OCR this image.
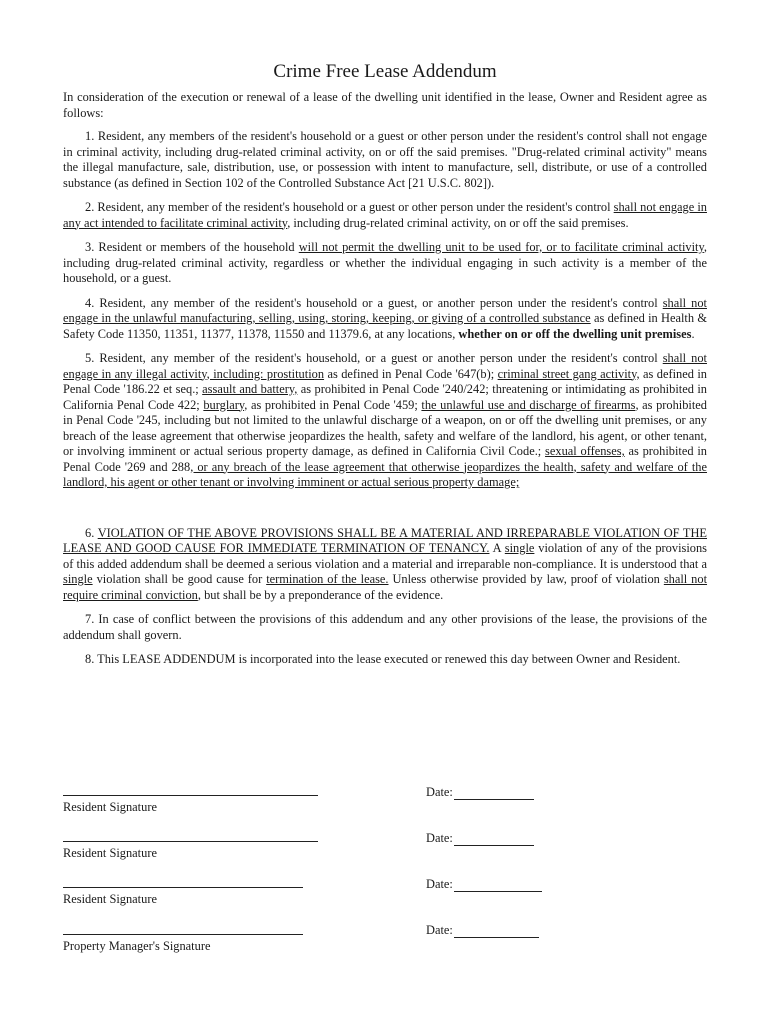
Crime Free Lease Addendum

In consideration of the execution or renewal of a lease of the dwelling unit identified in the lease, Owner and Resident agree as follows:

1. Resident, any members of the resident's household or a guest or other person under the resident's control shall not engage in criminal activity, including drug-related criminal activity, on or off the said premises. "Drug-related criminal activity" means the illegal manufacture, sale, distribution, use, or possession with intent to manufacture, sell, distribute, or use of a controlled substance (as defined in Section 102 of the Controlled Substance Act [21 U.S.C. 802]).

2. Resident, any member of the resident's household or a guest or other person under the resident's control shall not engage in any act intended to facilitate criminal activity, including drug-related criminal activity, on or off the said premises.

3. Resident or members of the household will not permit the dwelling unit to be used for, or to facilitate criminal activity, including drug-related criminal activity, regardless or whether the individual engaging in such activity is a member of the household, or a guest.

4. Resident, any member of the resident's household or a guest, or another person under the resident's control shall not engage in the unlawful manufacturing, selling, using, storing, keeping, or giving of a controlled substance as defined in Health & Safety Code 11350, 11351, 11377, 11378, 11550 and 11379.6, at any locations, whether on or off the dwelling unit premises.

5. Resident, any member of the resident's household, or a guest or another person under the resident's control shall not engage in any illegal activity, including: prostitution as defined in Penal Code '647(b); criminal street gang activity, as defined in Penal Code '186.22 et seq.; assault and battery, as prohibited in Penal Code '240/242; threatening or intimidating as prohibited in California Penal Code 422; burglary, as prohibited in Penal Code '459; the unlawful use and discharge of firearms, as prohibited in Penal Code '245, including but not limited to the unlawful discharge of a weapon, on or off the dwelling unit premises, or any breach of the lease agreement that otherwise jeopardizes the health, safety and welfare of the landlord, his agent, or other tenant, or involving imminent or actual serious property damage, as defined in California Civil Code.; sexual offenses, as prohibited in Penal Code '269 and 288, or any breach of the lease agreement that otherwise jeopardizes the health, safety and welfare of the landlord, his agent or other tenant or involving imminent or actual serious property damage;

6. VIOLATION OF THE ABOVE PROVISIONS SHALL BE A MATERIAL AND IRREPARABLE VIOLATION OF THE LEASE AND GOOD CAUSE FOR IMMEDIATE TERMINATION OF TENANCY. A single violation of any of the provisions of this added addendum shall be deemed a serious violation and a material and irreparable non-compliance. It is understood that a single violation shall be good cause for termination of the lease. Unless otherwise provided by law, proof of violation shall not require criminal conviction, but shall be by a preponderance of the evidence.

7. In case of conflict between the provisions of this addendum and any other provisions of the lease, the provisions of the addendum shall govern.

8. This LEASE ADDENDUM is incorporated into the lease executed or renewed this day between Owner and Resident.

Resident Signature
Date:
Resident Signature
Date:
Resident Signature
Date:
Property Manager's Signature
Date:
